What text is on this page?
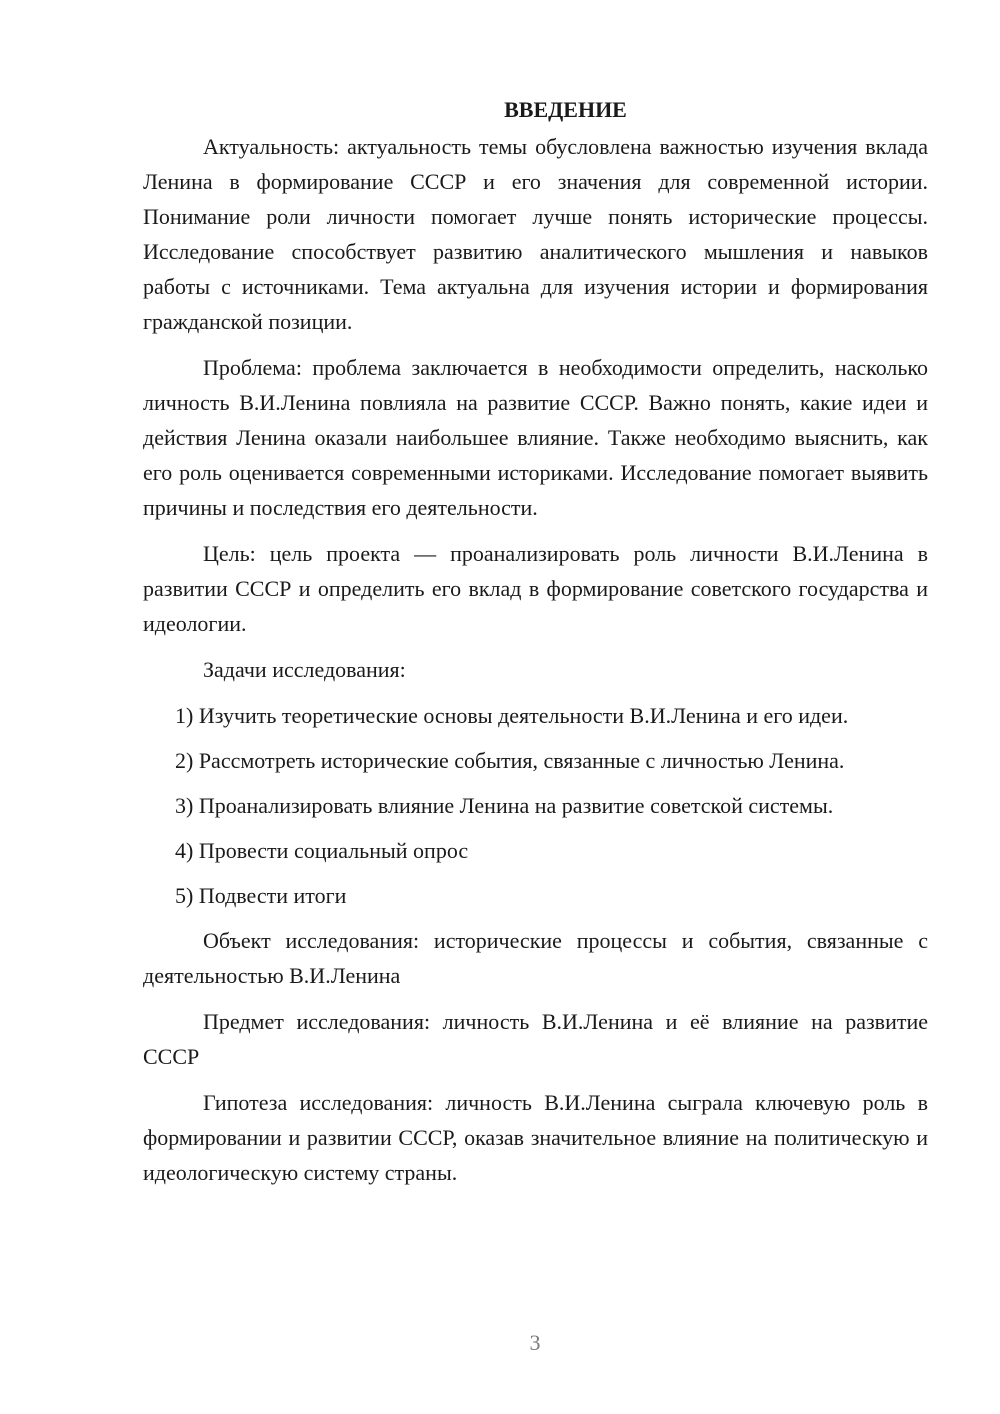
ВВЕДЕНИЕ

Актуальность: актуальность темы обусловлена важностью изучения вклада Ленина в формирование СССР и его значения для современной истории. Понимание роли личности помогает лучше понять исторические процессы. Исследование способствует развитию аналитического мышления и навыков работы с источниками. Тема актуальна для изучения истории и формирования гражданской позиции.

Проблема: проблема заключается в необходимости определить, насколько личность В.И.Ленина повлияла на развитие СССР. Важно понять, какие идеи и действия Ленина оказали наибольшее влияние. Также необходимо выяснить, как его роль оценивается современными историками. Исследование помогает выявить причины и последствия его деятельности.

Цель: цель проекта — проанализировать роль личности В.И.Ленина в развитии СССР и определить его вклад в формирование советского государства и идеологии.

Задачи исследования:

1) Изучить теоретические основы деятельности В.И.Ленина и его идеи.

2) Рассмотреть исторические события, связанные с личностью Ленина.

3) Проанализировать влияние Ленина на развитие советской системы.

4) Провести социальный опрос

5) Подвести итоги

Объект исследования: исторические процессы и события, связанные с деятельностью В.И.Ленина

Предмет исследования: личность В.И.Ленина и её влияние на развитие СССР

Гипотеза исследования: личность В.И.Ленина сыграла ключевую роль в формировании и развитии СССР, оказав значительное влияние на политическую и идеологическую систему страны.

3
